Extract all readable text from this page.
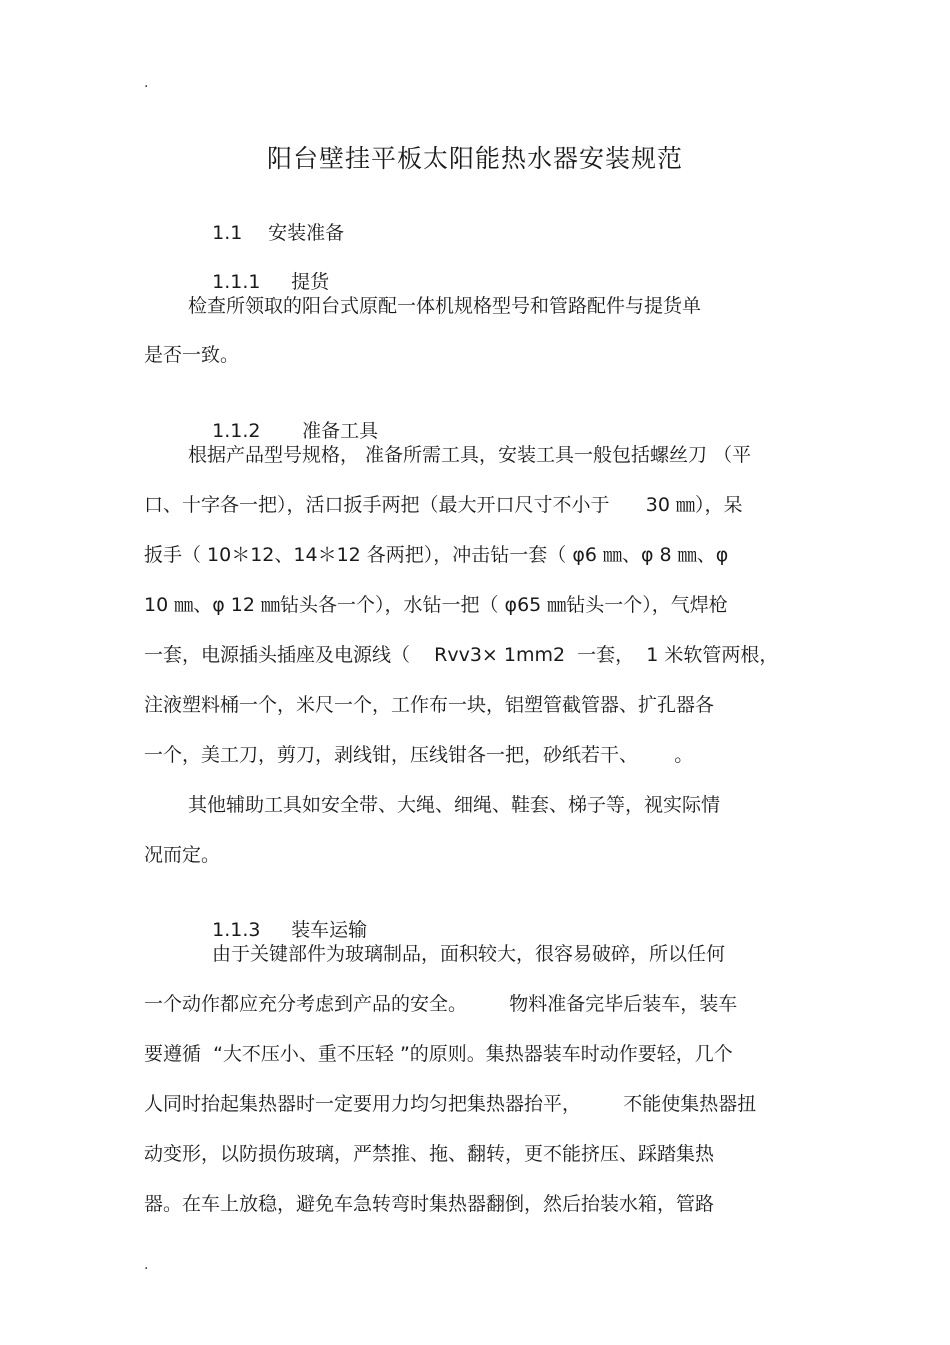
.
阳台壁挂平板太阳能热水器安装规范

1.1 安装准备

1.1.1 提货

检查所领取的阳台式原配一体机规格型号和管路配件与提货单
是否一致。

1.1.2 准备工具

根据产品型号规格， 准备所需工具，安装工具一般包括螺丝刀 （平
口、十字各一把），活口扳手两把（最大开口尺寸不小于      30 ㎜），呆
扳手（ 10＊12、14＊12 各两把），冲击钻一套（ φ6 ㎜、φ 8 ㎜、φ
10 ㎜、φ 12 ㎜钻头各一个），水钻一把（ φ65 ㎜钻头一个），气焊枪
一套，电源插头插座及电源线（    Rvv3× 1mm2  一套，  1 米软管两根，
注液塑料桶一个，米尺一个，工作布一块，铝塑管截管器、扩孔器各
一个，美工刀，剪刀，剥线钳，压线钳各一把，砂纸若干、      。
其他辅助工具如安全带、大绳、细绳、鞋套、梯子等，视实际情
况而定。

1.1.3 装车运输

由于关键部件为玻璃制品，面积较大，很容易破碎，所以任何
一个动作都应充分考虑到产品的安全。       物料准备完毕后装车，装车
要遵循  “大不压小、重不压轻 ”的原则。集热器装车时动作要轻，几个
人同时抬起集热器时一定要用力均匀把集热器抬平，       不能使集热器扭
动变形，以防损伤玻璃，严禁推、拖、翻转，更不能挤压、踩踏集热
器。在车上放稳，避免车急转弯时集热器翻倒，然后抬装水箱，管路
.
